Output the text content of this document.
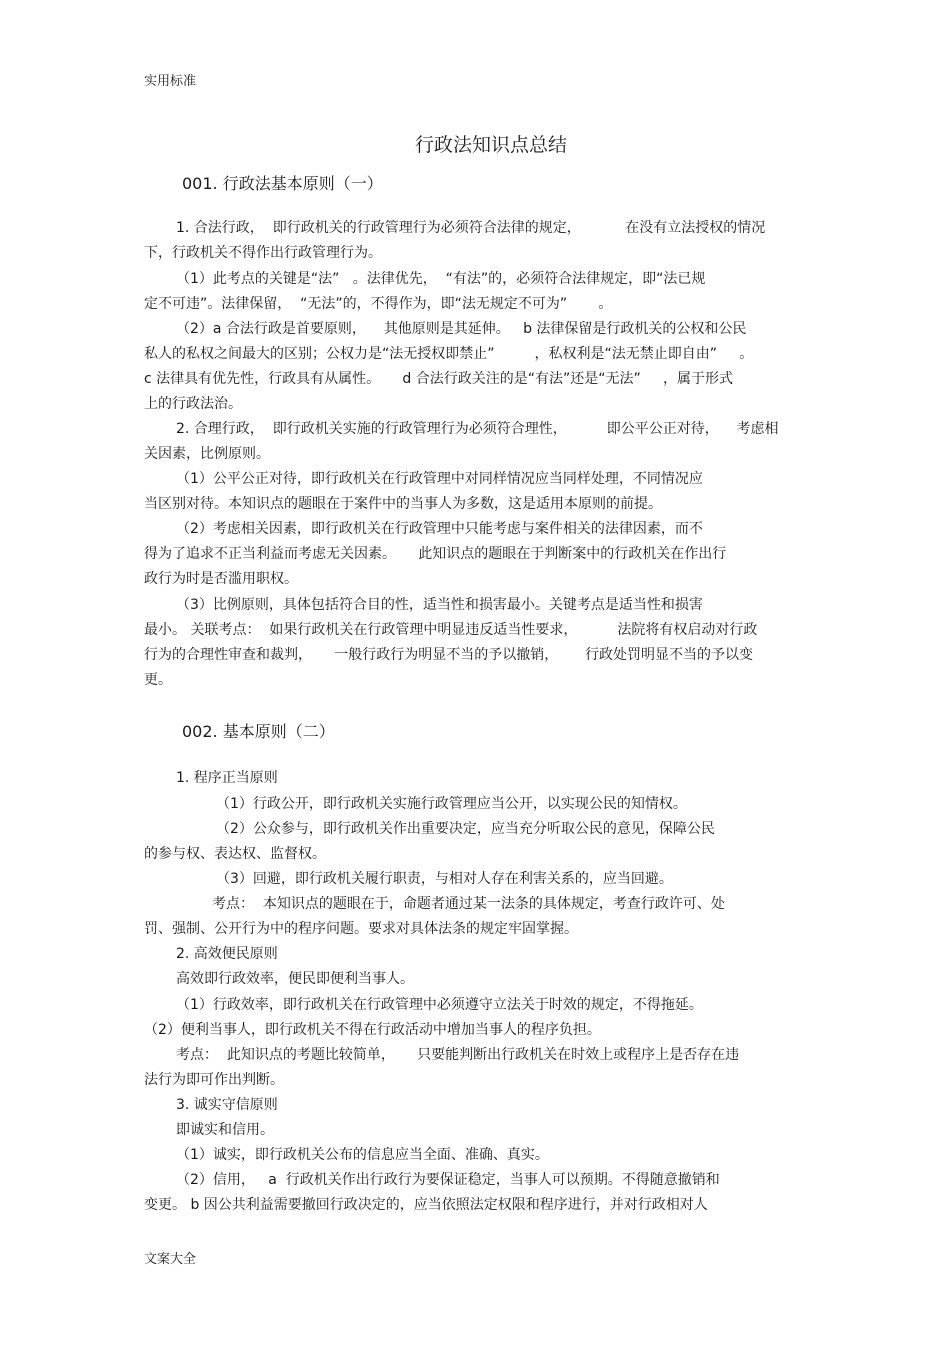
实用标准
行政法知识点总结
001. 行政法基本原则（一）
1. 合法行政，  即行政机关的行政管理行为必须符合法律的规定，          在没有立法授权的情况
下，行政机关不得作出行政管理行为。
（1）此考点的关键是“法”   。法律优先，  “有法”的，必须符合法律规定，即“法已规
定不可违”。法律保留，  “无法”的，不得作为，即“法无规定不可为”       。
（2）a 合法行政是首要原则，    其他原则是其延伸。   b 法律保留是行政机关的公权和公民
私人的私权之间最大的区别；公权力是“法无授权即禁止”         ，私权利是“法无禁止即自由”     。
c 法律具有优先性，行政具有从属性。     d 合法行政关注的是“有法”还是“无法”     ，属于形式
上的行政法治。
2. 合理行政，  即行政机关实施的行政管理行为必须符合理性，         即公平公正对待，    考虑相
关因素，比例原则。
（1）公平公正对待，即行政机关在行政管理中对同样情况应当同样处理，不同情况应
当区别对待。本知识点的题眼在于案件中的当事人为多数，这是适用本原则的前提。
（2）考虑相关因素，即行政机关在行政管理中只能考虑与案件相关的法律因素，而不
得为了追求不正当利益而考虑无关因素。     此知识点的题眼在于判断案中的行政机关在作出行
政行为时是否滥用职权。
（3）比例原则，具体包括符合目的性，适当性和损害最小。关键考点是适当性和损害
最小。 关联考点：  如果行政机关在行政管理中明显违反适当性要求，         法院将有权启动对行政
行为的合理性审查和裁判，     一般行政行为明显不当的予以撤销，      行政处罚明显不当的予以变
更。
002. 基本原则（二）
1. 程序正当原则
（1）行政公开，即行政机关实施行政管理应当公开，以实现公民的知情权。
（2）公众参与，即行政机关作出重要决定，应当充分听取公民的意见，保障公民
的参与权、表达权、监督权。
（3）回避，即行政机关履行职责，与相对人存在利害关系的，应当回避。
考点：  本知识点的题眼在于，命题者通过某一法条的具体规定，考查行政许可、处
罚、强制、公开行为中的程序问题。要求对具体法条的规定牢固掌握。
2. 高效便民原则
高效即行政效率，便民即便利当事人。
（1）行政效率，即行政机关在行政管理中必须遵守立法关于时效的规定，不得拖延。
（2）便利当事人，即行政机关不得在行政活动中增加当事人的程序负担。
考点：  此知识点的考题比较简单，     只要能判断出行政机关在时效上或程序上是否存在违
法行为即可作出判断。
3. 诚实守信原则
即诚实和信用。
（1）诚实，即行政机关公布的信息应当全面、准确、真实。
（2）信用，   a  行政机关作出行政行为要保证稳定，当事人可以预期。不得随意撤销和
变更。 b 因公共利益需要撤回行政决定的，应当依照法定权限和程序进行，并对行政相对人
文案大全
